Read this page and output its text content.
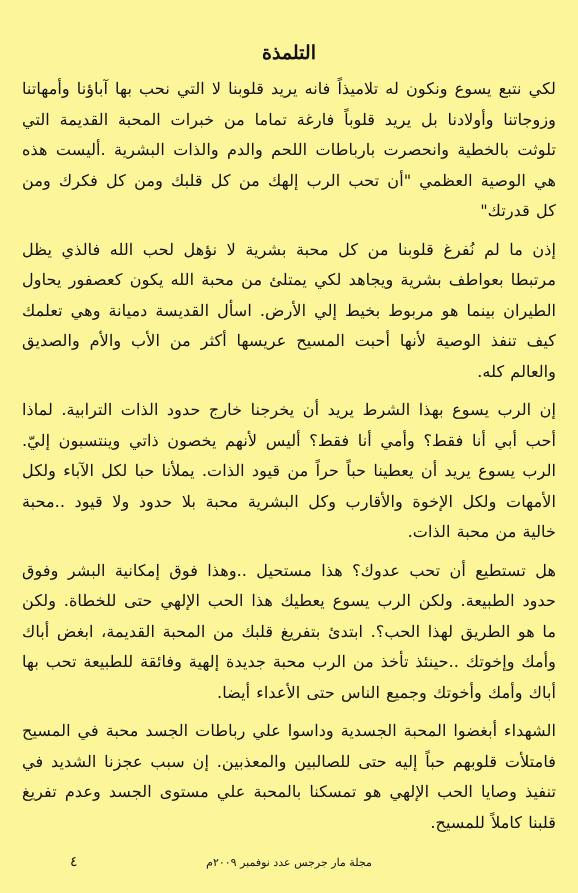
التلمذة

لكي نتبع يسوع ونكون له تلاميذاً فانه يريد قلوبنا لا التي نحب بها آباؤنا وأمهاتنا وزوجاتنا وأولادنا بل يريد قلوباً فارغة تماما من خبرات المحبة القديمة التي تلوثت بالخطية وانحصرت بارباطات اللحم والدم والذات البشرية .أليست هذه هي الوصية العظمي "أن تحب الرب إلهك من كل قلبك ومن كل فكرك ومن كل قدرتك"

إذن ما لم نُفرغ قلوبنا من كل محبة بشرية لا نؤهل لحب الله فالذي يظل مرتبطا بعواطف بشرية ويجاهد لكي يمتلئ من محبة الله يكون كعصفور يحاول الطيران بينما هو مربوط بخيط إلي الأرض. اسأل القديسة دميانة وهي تعلمك كيف تنفذ الوصية لأنها أحبت المسيح عريسها أكثر من الأب والأم والصديق والعالم كله.

إن الرب يسوع بهذا الشرط يريد أن يخرجنا خارج حدود الذات الترابية. لماذا أحب أبي أنا فقط؟ وأمي أنا فقط؟ أليس لأنهم يخصون ذاتي وينتسبون إليّ. الرب يسوع يريد أن يعطينا حباً حراً من قيود الذات. يملأنا حبا لكل الآباء ولكل الأمهات ولكل الإخوة والأقارب وكل البشرية محبة بلا حدود ولا قيود ..محبة خالية من محبة الذات.

هل تستطيع أن تحب عدوك؟ هذا مستحيل ..وهذا فوق إمكانية البشر وفوق حدود الطبيعة. ولكن الرب يسوع يعطيك هذا الحب الإلهي حتى للخطاة. ولكن ما هو الطريق لهذا الحب؟. ابتدئ بتفريغ قلبك من المحبة القديمة، ابغض أباك وأمك وإخوتك ..حينئذ تأخذ من الرب محبة جديدة إلهية وفائقة للطبيعة تحب بها أباك وأمك وأخوتك وجميع الناس حتى الأعداء أيضا.

الشهداء أبغضوا المحبة الجسدية وداسوا علي رباطات الجسد محبة في المسيح فامتلأت قلوبهم حباً إليه حتى للصالبين والمعذبين. إن سبب عجزنا الشديد في تنفيذ وصايا الحب الإلهي هو تمسكنا بالمحبة علي مستوى الجسد وعدم تفريغ قلبنا كاملاً للمسيح.

مجلة مار جرجس عدد نوفمبر ٢٠٠٩م
٤
